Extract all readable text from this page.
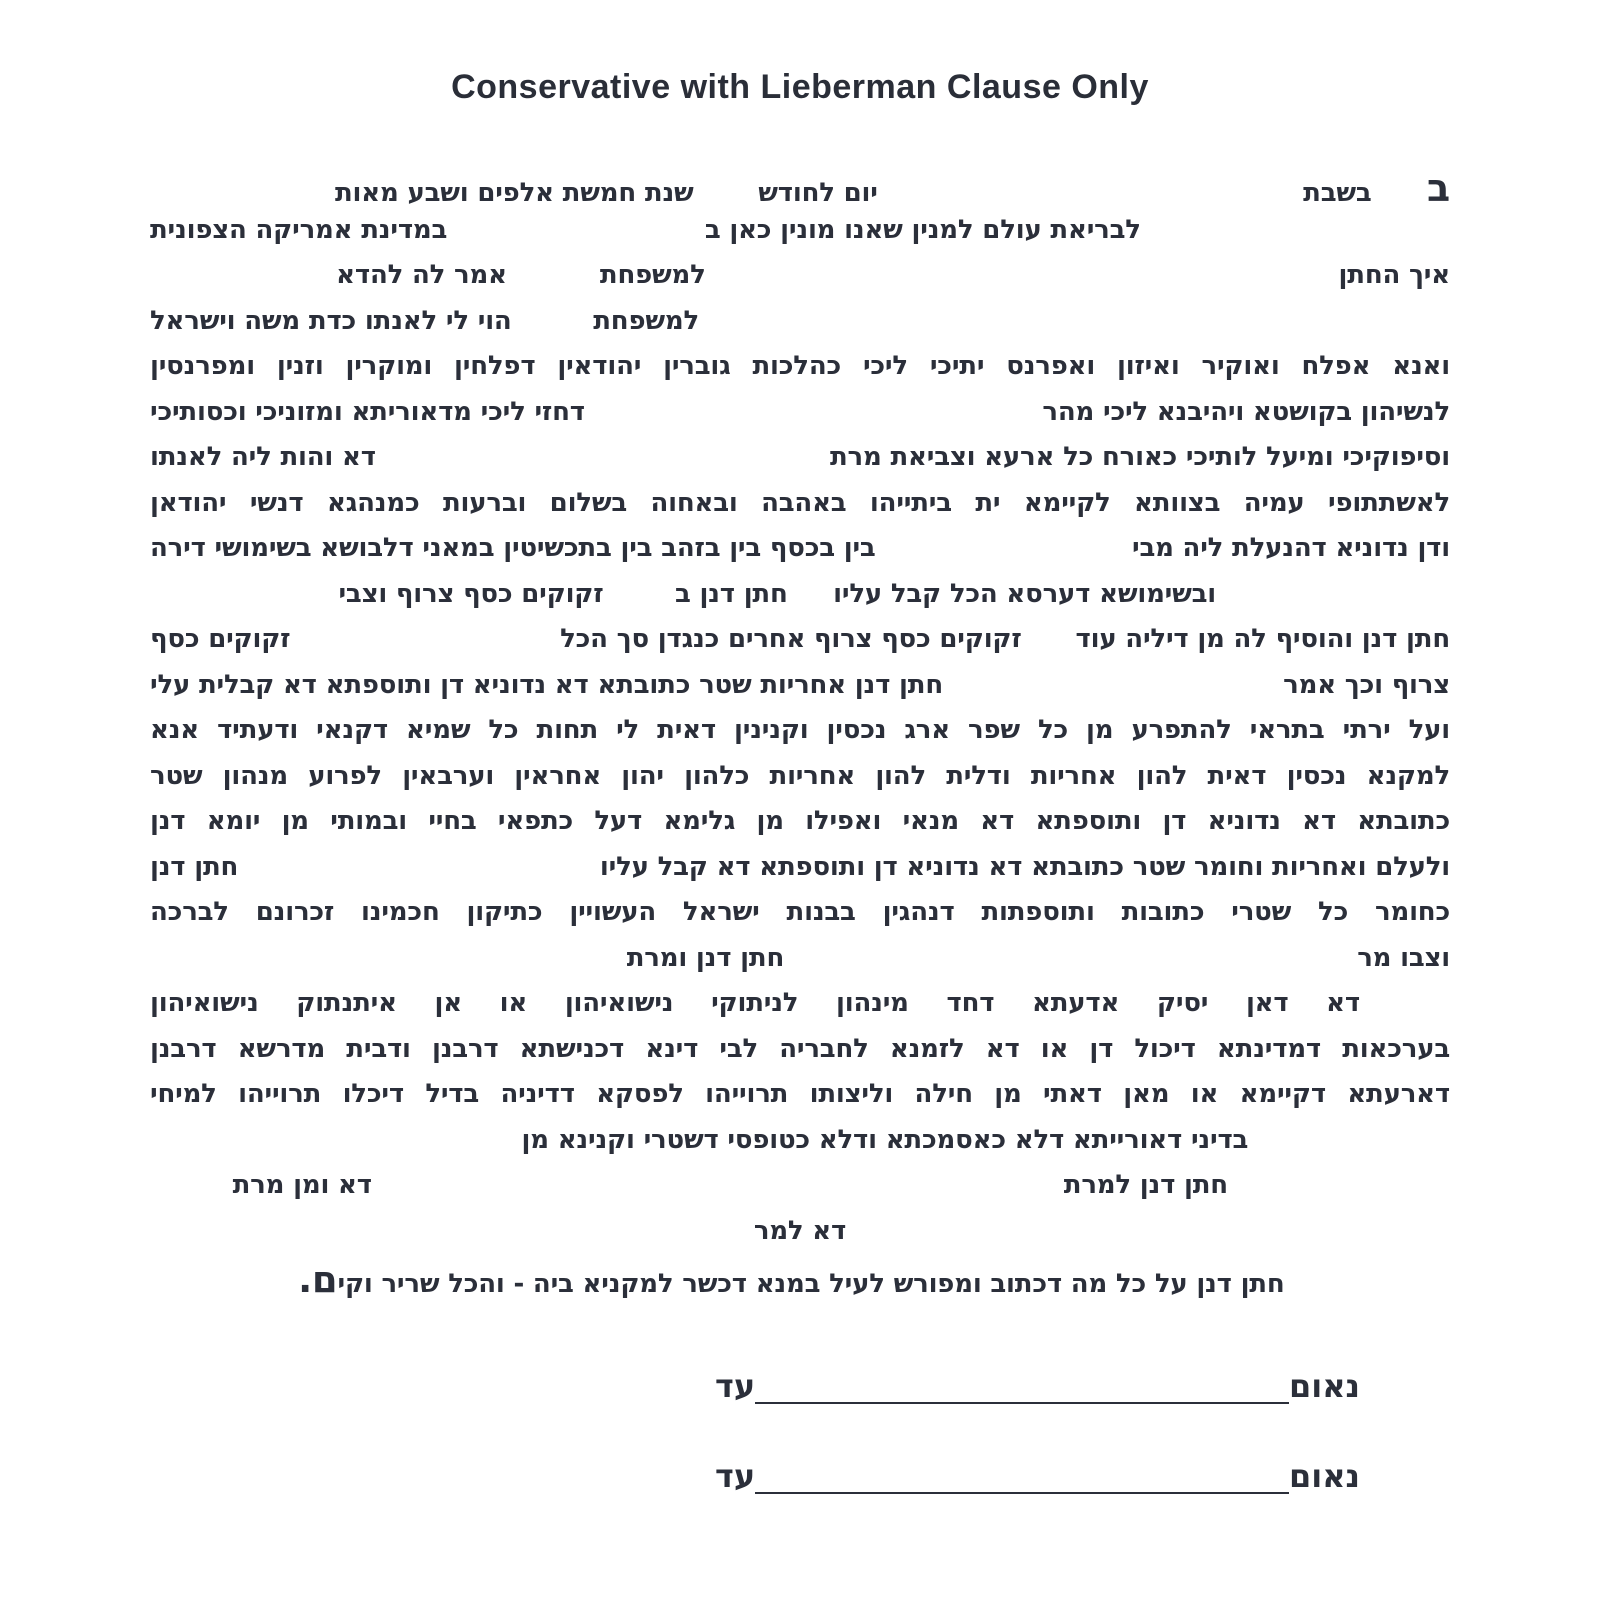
Conservative with Lieberman Clause Only
ב
בשבת
יום לחודש
שנת חמשת אלפים ושבע מאות
לבריאת עולם למנין שאנו מונין כאן ב
במדינת אמריקה הצפונית
איך החתן
למשפחת
אמר לה להדא
למשפחת
הוי לי לאנתו כדת משה וישראל
ואנא אפלח ואוקיר ואיזון ואפרנס יתיכי ליכי כהלכות גוברין יהודאין דפלחין ומוקרין וזנין ומפרנסין
לנשיהון בקושטא ויהיבנא ליכי מהר
דחזי ליכי מדאוריתא ומזוניכי וכסותיכי
וסיפוקיכי ומיעל לותיכי כאורח כל ארעא וצביאת מרת
דא והות ליה לאנתו
לאשתתופי עמיה בצוותא לקיימא ית ביתייהו באהבה ובאחוה בשלום וברעות כמנהגא דנשי יהודאן
ודן נדוניא דהנעלת ליה מבי
בין בכסף בין בזהב בין בתכשיטין במאני דלבושא בשימושי דירה
ובשימושא דערסא הכל קבל עליו
חתן דנן ב
זקוקים כסף צרוף וצבי
חתן דנן והוסיף לה מן דיליה עוד
זקוקים כסף צרוף אחרים כנגדן סך הכל
זקוקים כסף
צרוף וכך אמר
חתן דנן אחריות שטר כתובתא דא נדוניא דן ותוספתא דא קבלית עלי
ועל ירתי בתראי להתפרע מן כל שפר ארג נכסין וקנינין דאית לי תחות כל שמיא דקנאי ודעתיד אנא
למקנא נכסין דאית להון אחריות ודלית להון אחריות כלהון יהון אחראין וערבאין לפרוע מנהון שטר
כתובתא דא נדוניא דן ותוספתא דא מנאי ואפילו מן גלימא דעל כתפאי בחיי ובמותי מן יומא דנן
ולעלם ואחריות וחומר שטר כתובתא דא נדוניא דן ותוספתא דא קבל עליו
חתן דנן
כחומר כל שטרי כתובות ותוספתות דנהגין בבנות ישראל העשויין כתיקון חכמינו זכרונם לברכה
וצבו מר
חתן דנן ומרת
דא דאן יסיק אדעתא דחד מינהון לניתוקי נישואיהון או אן איתנתוק נישואיהון
בערכאות דמדינתא דיכול דן או דא לזמנא לחבריה לבי דינא דכנישתא דרבנן ודבית מדרשא דרבנן
דארעתא דקיימא או מאן דאתי מן חילה וליצותו תרוייהו לפסקא דדיניה בדיל דיכלו תרוייהו למיחי
בדיני דאורייתא דלא כאסמכתא ודלא כטופסי דשטרי וקנינא מן
חתן דנן למרת
דא ומן מרת
דא למר
חתן דנן על כל מה דכתוב ומפורש לעיל במנא דכשר למקניא ביה - והכל שריר וקי
ם.
נאום
עד
נאום
עד
